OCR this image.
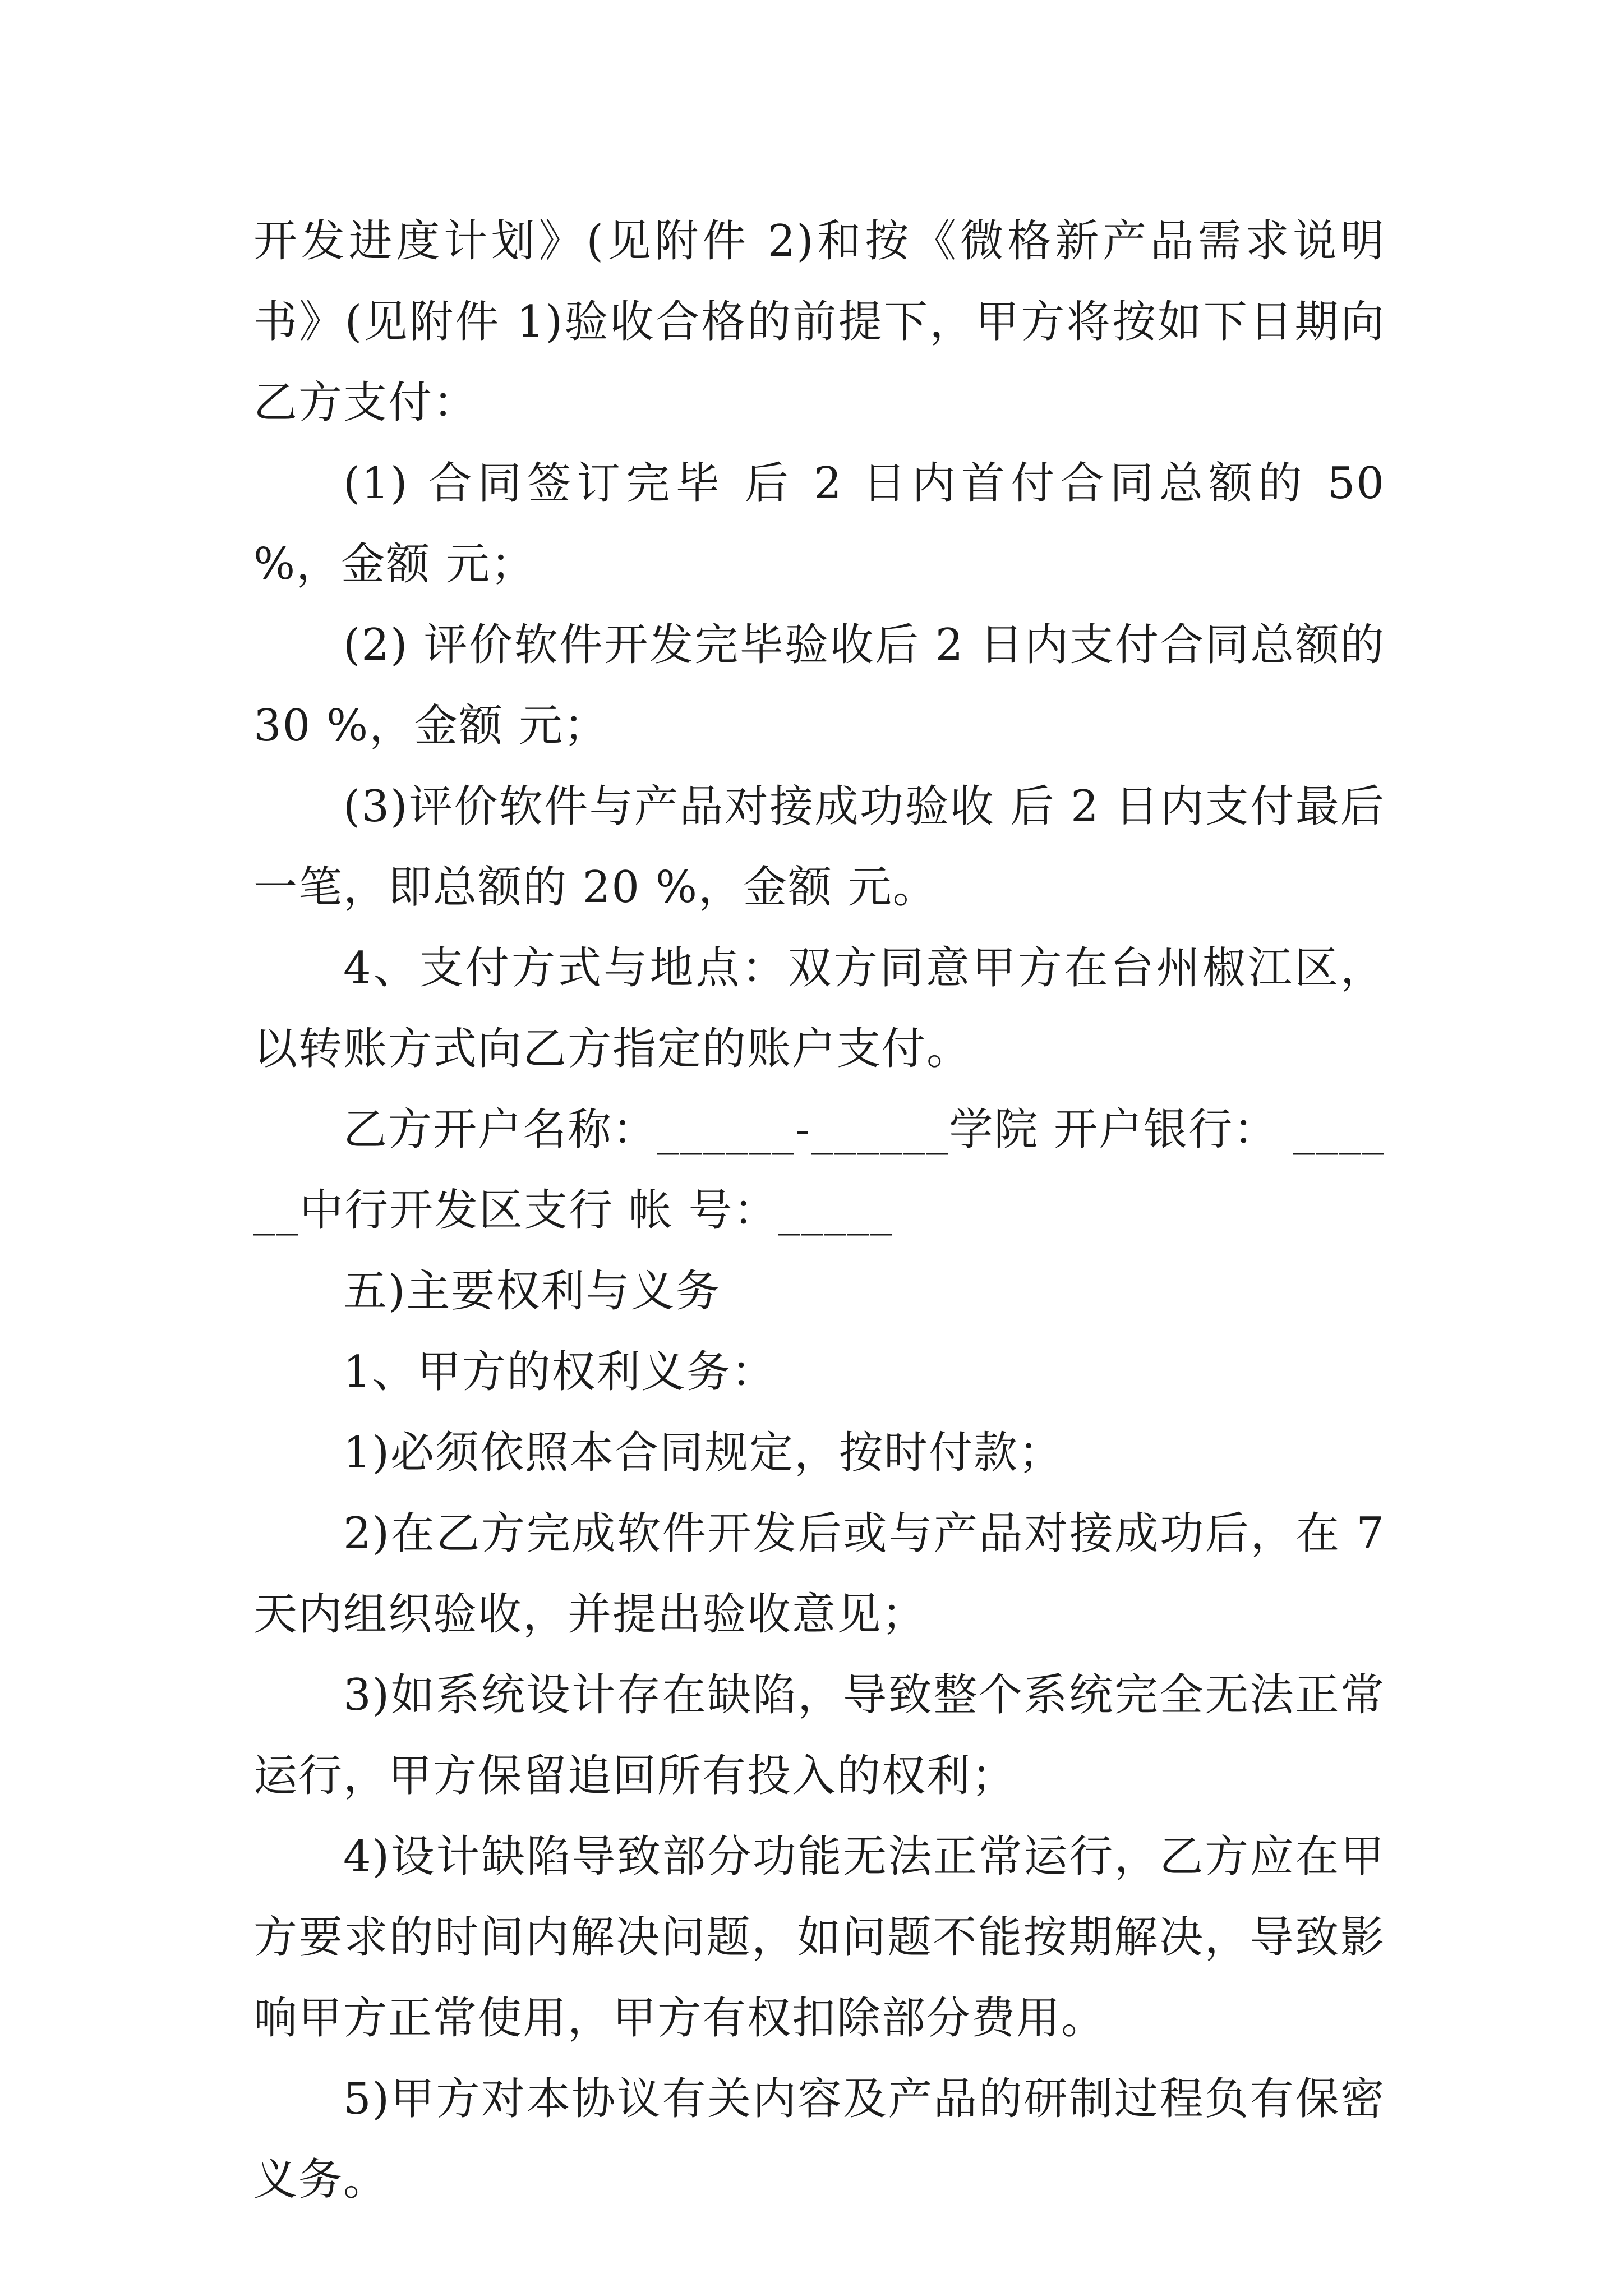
开发进度计划》(见附件 2)和按《微格新产品需求说明书》(见附件 1)验收合格的前提下，甲方将按如下日期向乙方支付：

(1) 合同签订完毕 后 2 日内首付合同总额的 50 %，金额 元；

(2) 评价软件开发完毕验收后 2 日内支付合同总额的 30 %，金额 元；

(3)评价软件与产品对接成功验收 后 2 日内支付最后一笔，即总额的 20 %，金额 元。

4、支付方式与地点：双方同意甲方在台州椒江区，以转账方式向乙方指定的账户支付。

乙方开户名称：______-______学院 开户银行： ______中行开发区支行 帐 号：_____

五)主要权利与义务

1、甲方的权利义务：

1)必须依照本合同规定，按时付款；

2)在乙方完成软件开发后或与产品对接成功后，在 7 天内组织验收，并提出验收意见；

3)如系统设计存在缺陷，导致整个系统完全无法正常运行，甲方保留追回所有投入的权利；

4)设计缺陷导致部分功能无法正常运行，乙方应在甲方要求的时间内解决问题，如问题不能按期解决，导致影响甲方正常使用，甲方有权扣除部分费用。

5)甲方对本协议有关内容及产品的研制过程负有保密义务。
